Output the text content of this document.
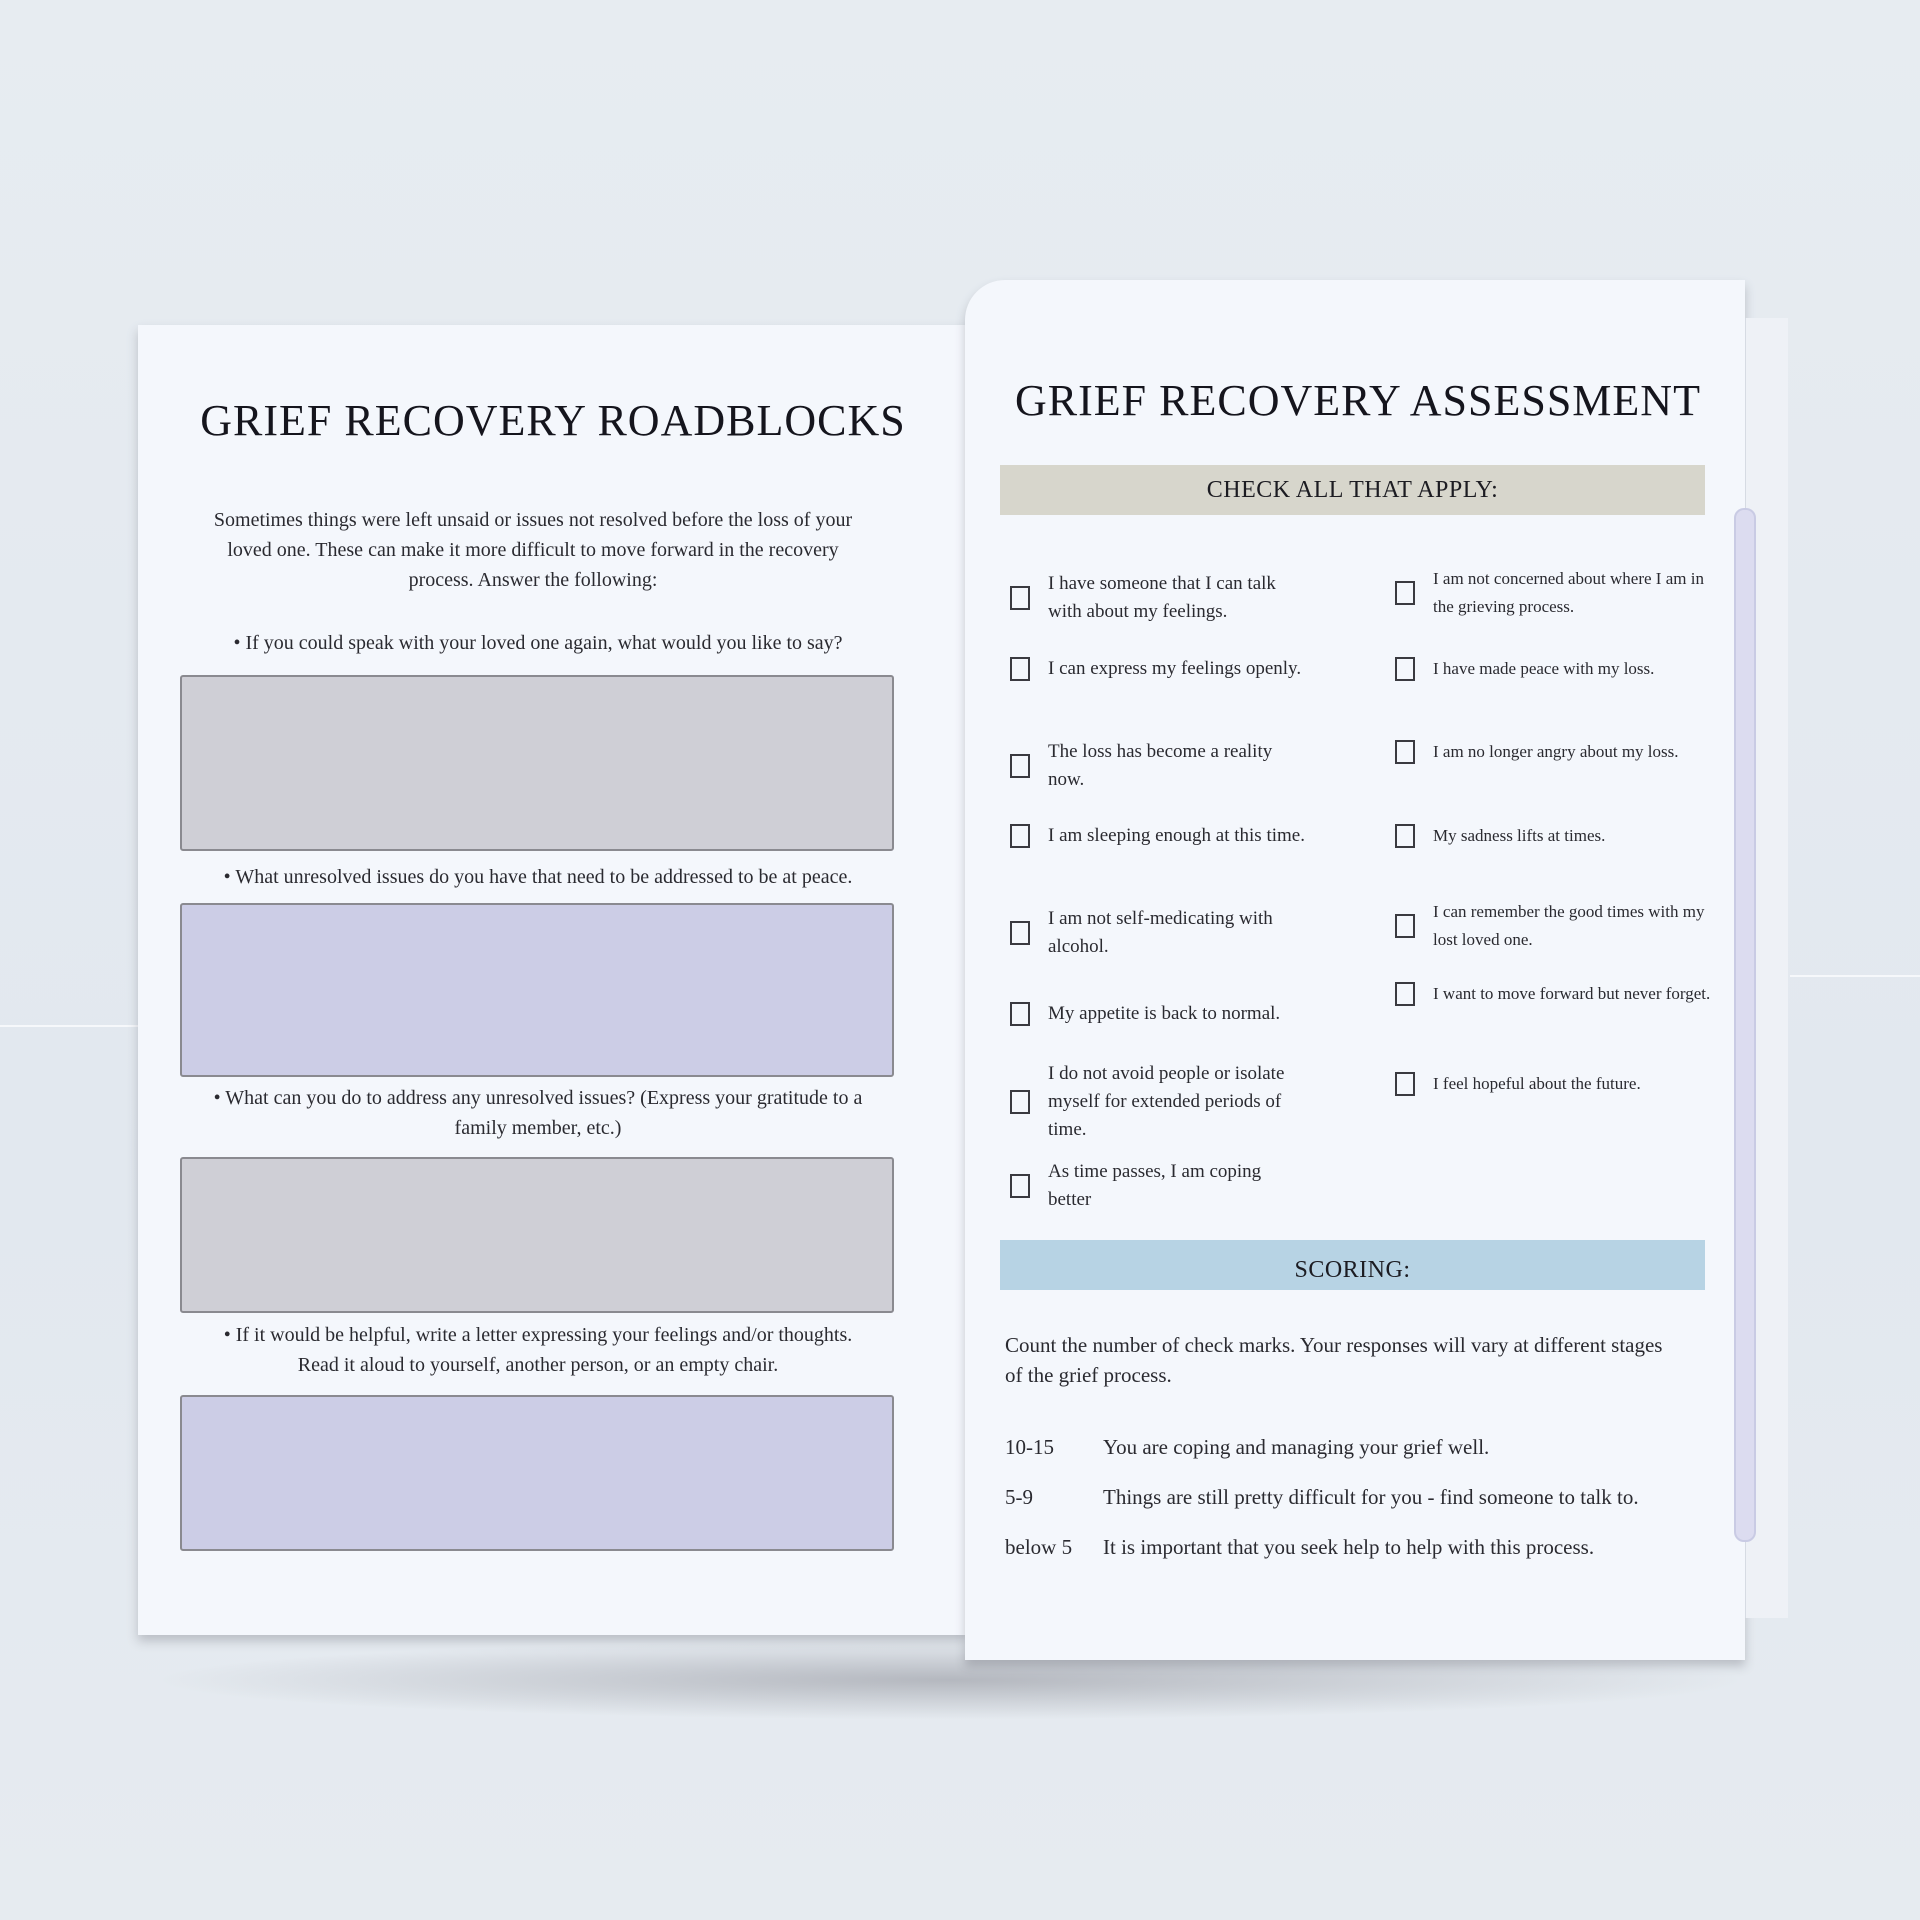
GRIEF RECOVERY ROADBLOCKS
Sometimes things were left unsaid or issues not resolved before the loss of your loved one. These can make it more difficult to move forward in the recovery process. Answer the following:
• If you could speak with your loved one again, what would you like to say?
• What unresolved issues do you have that need to be addressed to be at peace.
• What can you do to address any unresolved issues? (Express your gratitude to a family member, etc.)
• If it would be helpful, write a letter expressing your feelings and/or thoughts. Read it aloud to yourself, another person, or an empty chair.
GRIEF RECOVERY ASSESSMENT
CHECK ALL THAT APPLY:
I have someone that I can talk with about my feelings.
I can express my feelings openly.
The loss has become a reality now.
I am sleeping enough at this time.
I am not self-medicating with alcohol.
My appetite is back to normal.
I do not avoid people or isolate myself for extended periods of time.
As time passes, I am coping better
I am not concerned about where I am in the grieving process.
I have made peace with my loss.
I am no longer angry about my loss.
My sadness lifts at times.
I can remember the good times with my lost loved one.
I want to move forward but never forget.
I feel hopeful about the future.
SCORING:
Count the number of check marks. Your responses will vary at different stages of the grief process.
10-15	You are coping and managing your grief well.
5-9	Things are still pretty difficult for you - find someone to talk to.
below 5	It is important that you seek help to help with this process.
